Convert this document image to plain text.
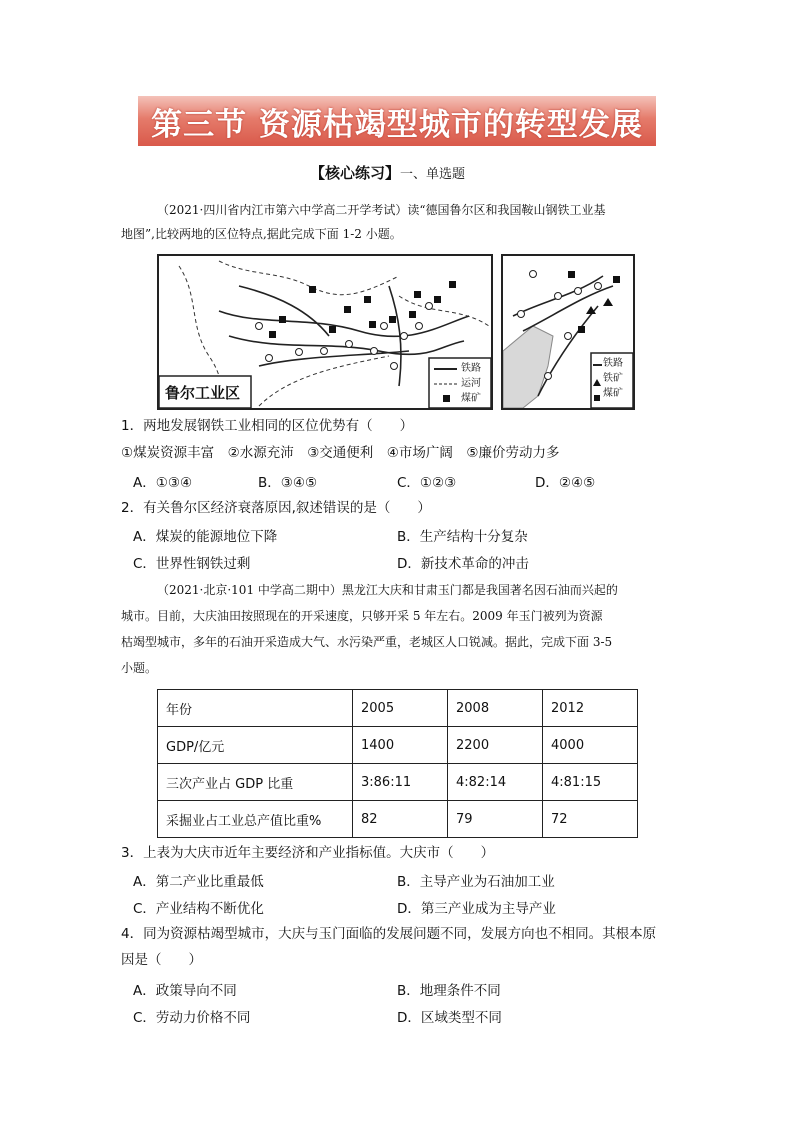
第三节 资源枯竭型城市的转型发展
【核心练习】一、单选题
（2021·四川省内江市第六中学高二开学考试）读“德国鲁尔区和我国鞍山钢铁工业基
地图”,比较两地的区位特点,据此完成下面 1-2 小题。
鲁尔工业区
铁路
运河
煤矿
铁路
铁矿
煤矿
1．两地发展钢铁工业相同的区位优势有（　　）
①煤炭资源丰富　②水源充沛　③交通便利　④市场广阔　⑤廉价劳动力多
A．①③④	B．③④⑤	C．①②③	D．②④⑤
2．有关鲁尔区经济衰落原因,叙述错误的是（　　）
A．煤炭的能源地位下降	B．生产结构十分复杂
C．世界性钢铁过剩	D．新技术革命的冲击
（2021·北京·101 中学高二期中）黑龙江大庆和甘肃玉门都是我国著名因石油而兴起的
城市。目前，大庆油田按照现在的开采速度，只够开采 5 年左右。2009 年玉门被列为资源
枯竭型城市，多年的石油开采造成大气、水污染严重，老城区人口锐减。据此，完成下面 3-5
小题。
年份	2005	2008	2012
GDP/亿元	1400	2200	4000
三次产业占 GDP 比重	3:86:11	4:82:14	4:81:15
采掘业占工业总产值比重%	82	79	72
3．上表为大庆市近年主要经济和产业指标值。大庆市（　　）
A．第二产业比重最低	B．主导产业为石油加工业
C．产业结构不断优化	D．第三产业成为主导产业
4．同为资源枯竭型城市，大庆与玉门面临的发展问题不同，发展方向也不相同。其根本原
因是（　　）
A．政策导向不同	B．地理条件不同
C．劳动力价格不同	D．区域类型不同
